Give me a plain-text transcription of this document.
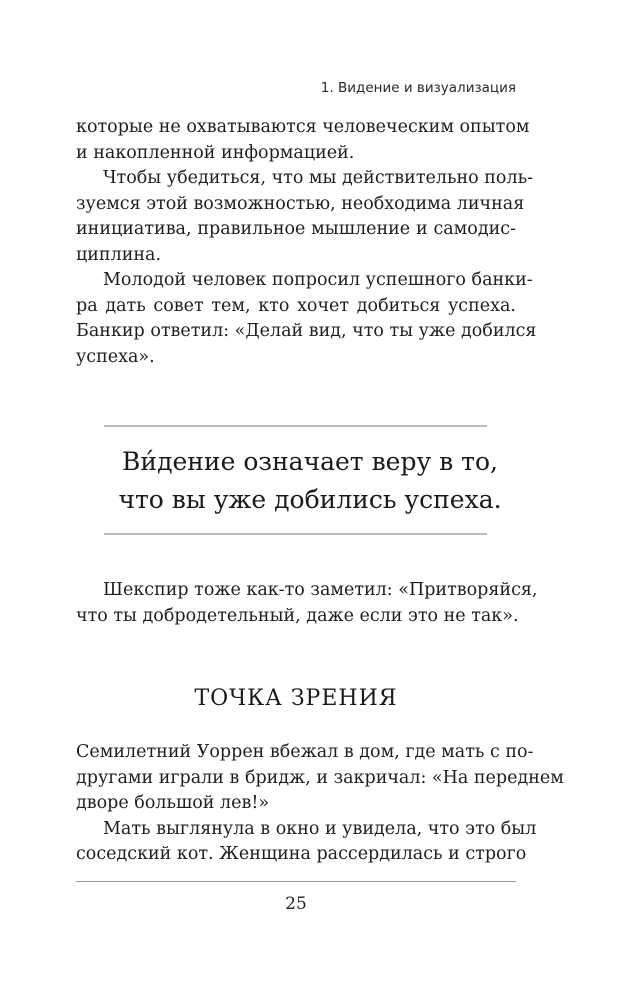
1. Видение и визуализация
которые не охватываются человеческим опытом
и накопленной информацией.
Чтобы убедиться, что мы действительно поль-
зуемся этой возможностью, необходима личная
инициатива, правильное мышление и самодис-
циплина.
Молодой человек попросил успешного банки-
ра дать совет тем, кто хочет добиться успеха.
Банкир ответил: «Делай вид, что ты уже добился
успеха».
Ви́дение означает веру в то,
что вы уже добились успеха.
Шекспир тоже как-то заметил: «Притворяйся,
что ты добродетельный, даже если это не так».
ТОЧКА ЗРЕНИЯ
Семилетний Уоррен вбежал в дом, где мать с по-
другами играли в бридж, и закричал: «На переднем
дворе большой лев!»
Мать выглянула в окно и увидела, что это был
соседский кот. Женщина рассердилась и строго
25
